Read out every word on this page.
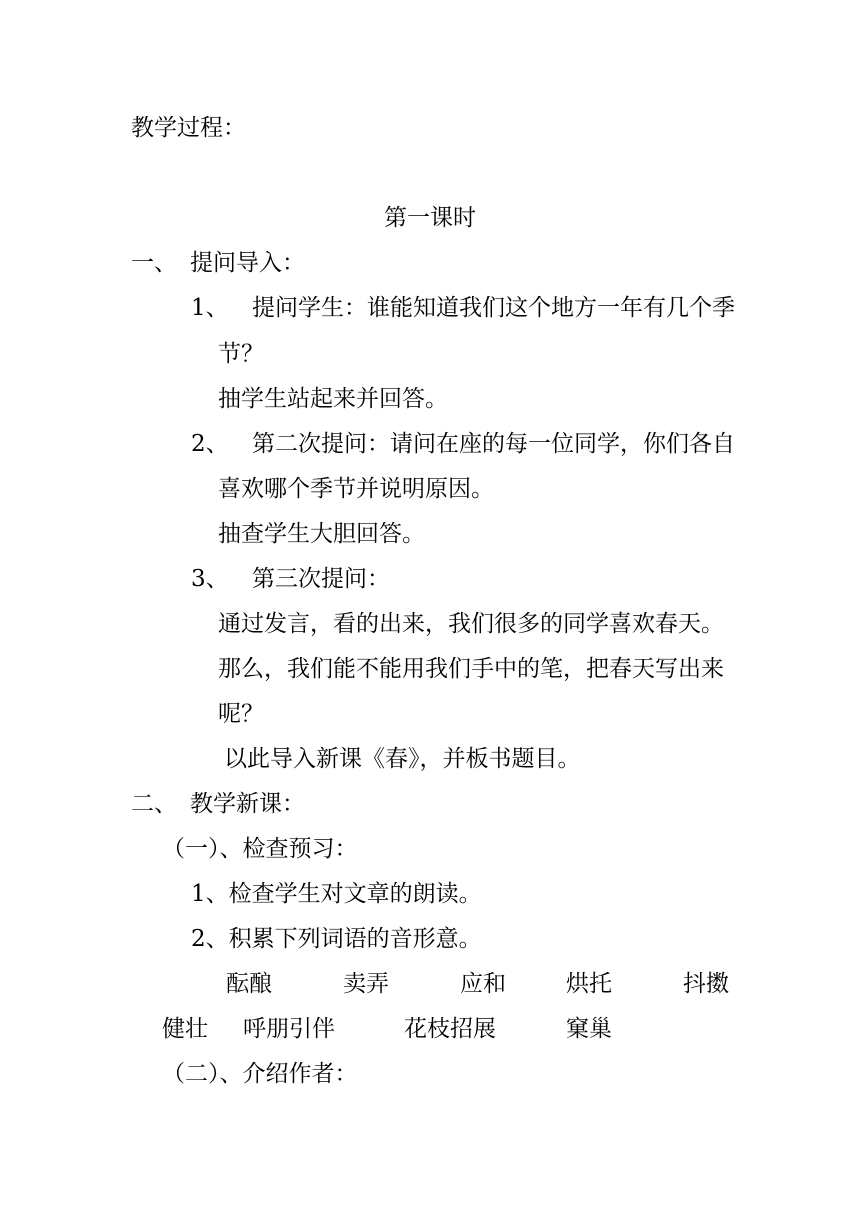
教学过程：
第一课时
一、 提问导入：
1、 提问学生：谁能知道我们这个地方一年有几个季
节？
抽学生站起来并回答。
2、 第二次提问：请问在座的每一位同学，你们各自
喜欢哪个季节并说明原因。
抽查学生大胆回答。
3、 第三次提问：
通过发言，看的出来，我们很多的同学喜欢春天。
那么，我们能不能用我们手中的笔，把春天写出来
呢？
以此导入新课《春》，并板书题目。
二、 教学新课：
（一）、检查预习：
1、检查学生对文章的朗读。
2、积累下列词语的音形意。
酝酿	卖弄	应和	烘托	抖擞
健壮 呼朋引伴	花枝招展	窠巢
（二）、介绍作者：
